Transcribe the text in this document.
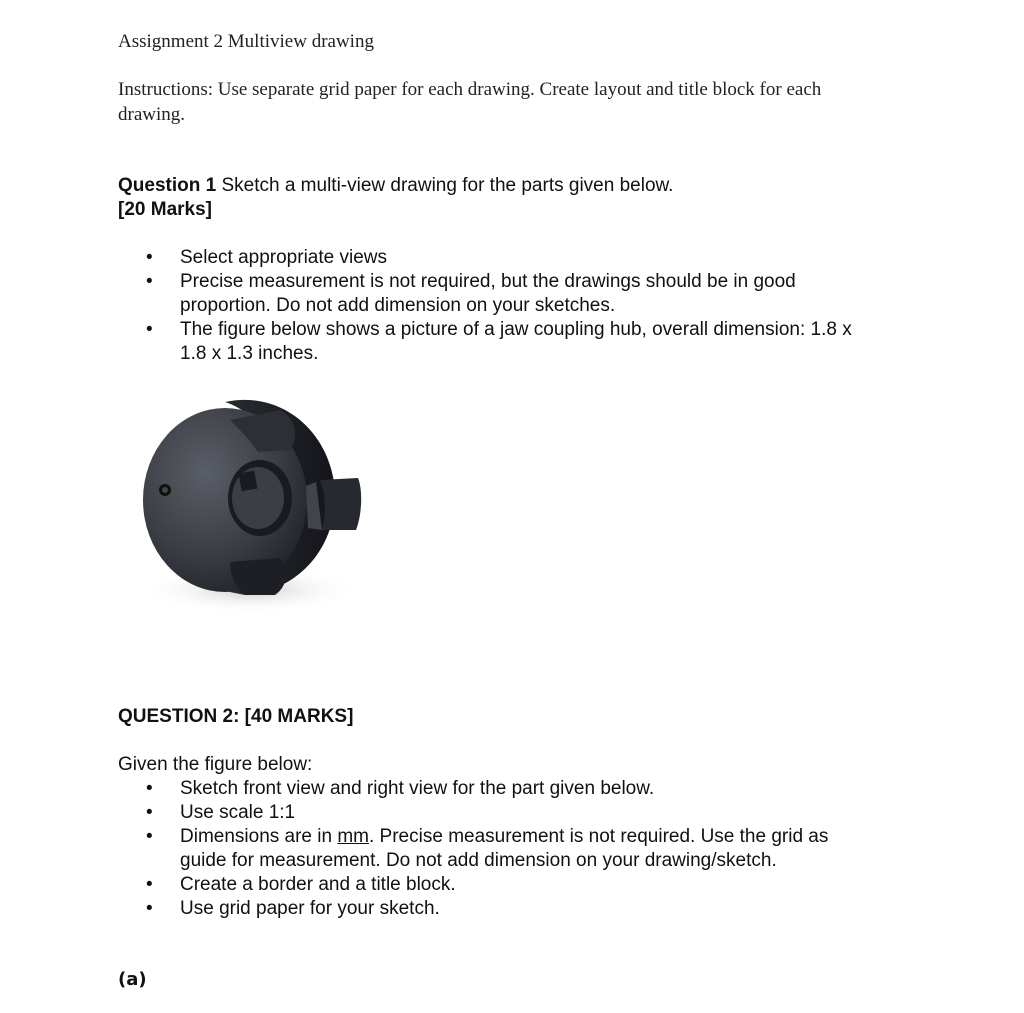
Assignment 2 Multiview drawing
Instructions: Use separate grid paper for each drawing. Create layout and title block for each
drawing.
Question 1 Sketch a multi-view drawing for the parts given below.
[20 Marks]
• Select appropriate views
• Precise measurement is not required, but the drawings should be in good
proportion. Do not add dimension on your sketches.
• The figure below shows a picture of a jaw coupling hub, overall dimension: 1.8 x
1.8 x 1.3 inches.
QUESTION 2: [40 MARKS]
Given the figure below:
• Sketch front view and right view for the part given below.
• Use scale 1:1
• Dimensions are in mm. Precise measurement is not required. Use the grid as
guide for measurement. Do not add dimension on your drawing/sketch.
• Create a border and a title block.
• Use grid paper for your sketch.
(a)
